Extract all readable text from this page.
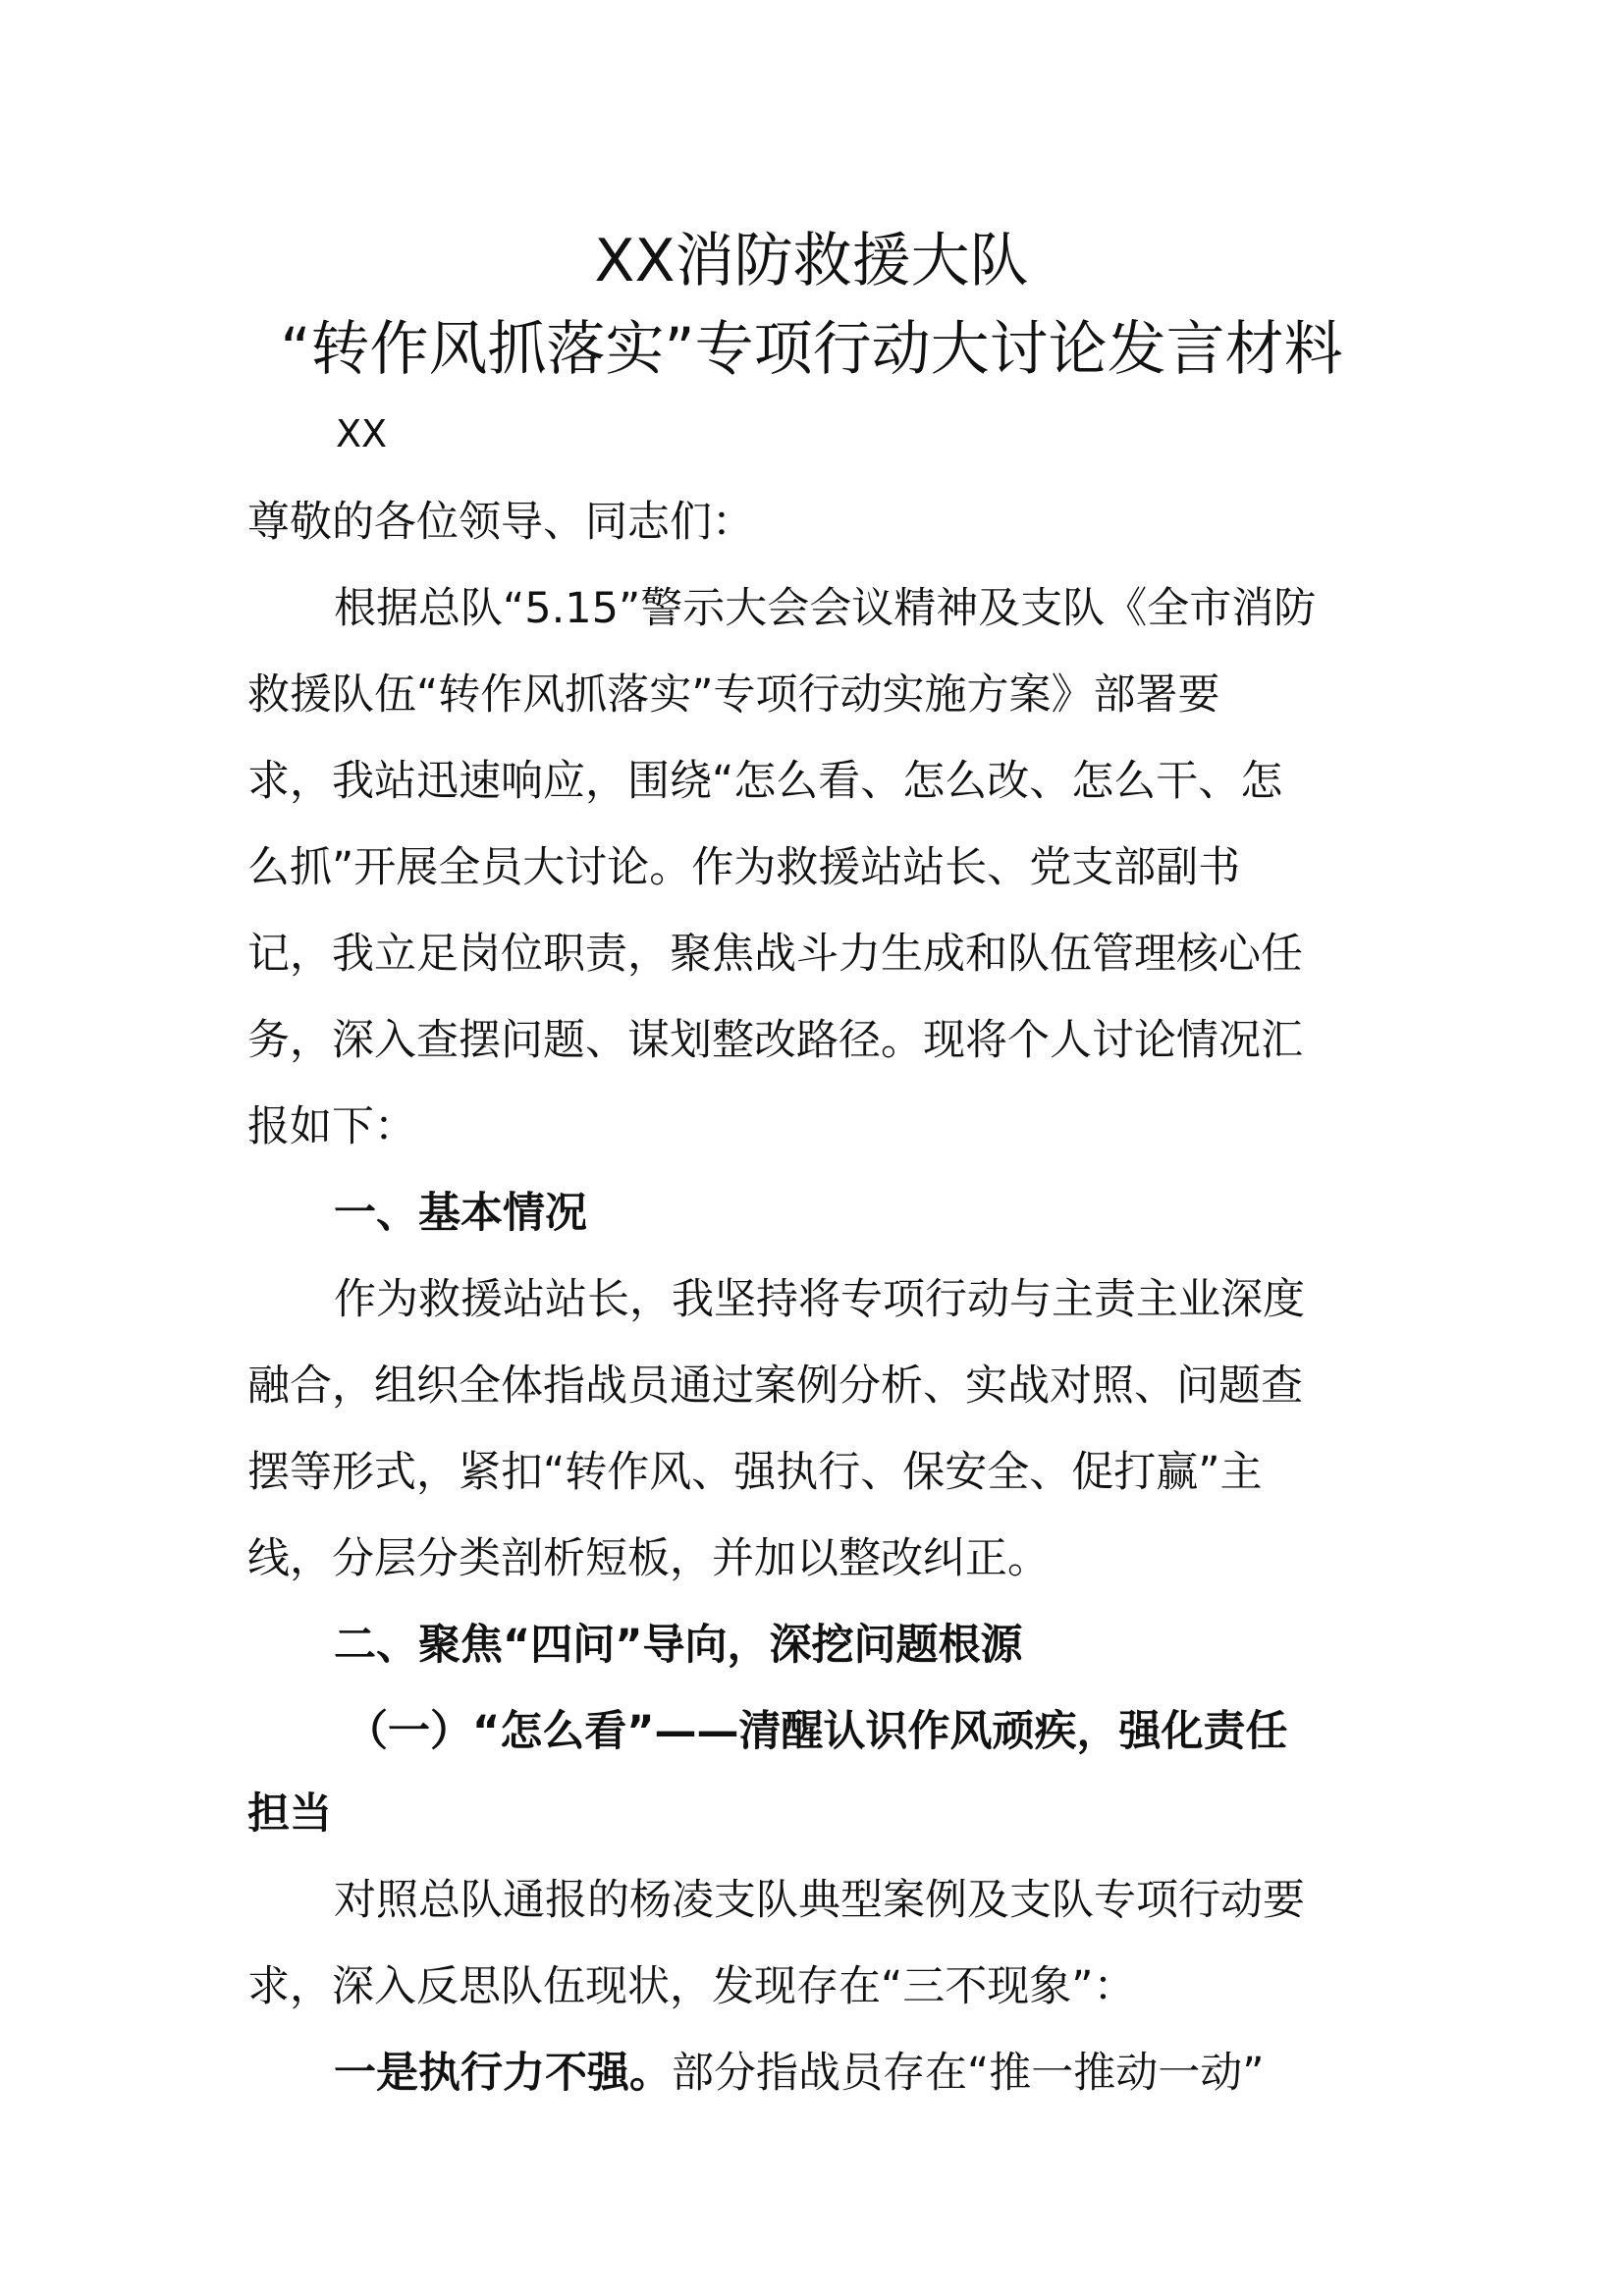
XX消防救援大队
“转作风抓落实”专项行动大讨论发言材料
XX
尊敬的各位领导、同志们：
根据总队“5.15”警示大会会议精神及支队《全市消防
救援队伍“转作风抓落实”专项行动实施方案》部署要
求，我站迅速响应，围绕“怎么看、怎么改、怎么干、怎
么抓”开展全员大讨论。作为救援站站长、党支部副书
记，我立足岗位职责，聚焦战斗力生成和队伍管理核心任
务，深入查摆问题、谋划整改路径。现将个人讨论情况汇
报如下：
一、基本情况
作为救援站站长，我坚持将专项行动与主责主业深度
融合，组织全体指战员通过案例分析、实战对照、问题查
摆等形式，紧扣“转作风、强执行、保安全、促打赢”主
线，分层分类剖析短板，并加以整改纠正。
二、聚焦“四问”导向，深挖问题根源
（一）“怎么看”——清醒认识作风顽疾，强化责任
担当
对照总队通报的杨凌支队典型案例及支队专项行动要
求，深入反思队伍现状，发现存在“三不现象”：
一是执行力不强。部分指战员存在“推一推动一动”
